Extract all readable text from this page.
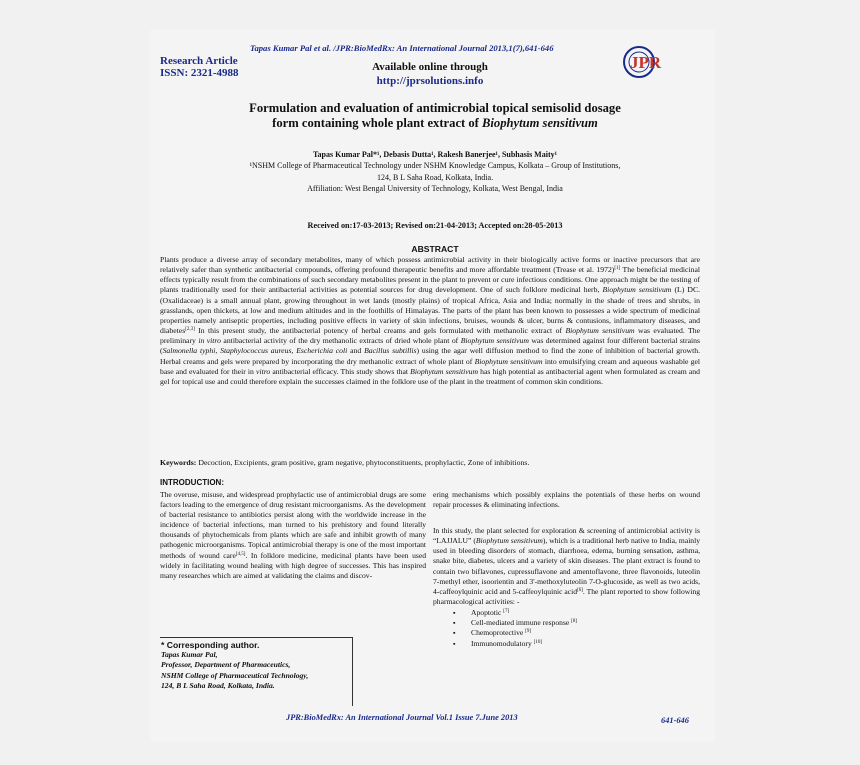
Tapas Kumar Pal et al. /JPR:BioMedRx: An International Journal 2013,1(7),641-646
Research Article
ISSN: 2321-4988	Available online through
http://jprsolutions.info
JPR
Formulation and evaluation of antimicrobial topical semisolid dosage
form containing whole plant extract of Biophytum sensitivum
Tapas Kumar Pal*¹, Debasis Dutta¹, Rakesh Banerjee¹, Subhasis Maity¹
¹NSHM College of Pharmaceutical Technology under NSHM Knowledge Campus, Kolkata – Group of Institutions,
124, B L Saha Road, Kolkata, India.
Affiliation: West Bengal University of Technology, Kolkata, West Bengal, India
Received on:17-03-2013; Revised on:21-04-2013; Accepted on:28-05-2013
ABSTRACT
Plants produce a diverse array of secondary metabolites, many of which possess antimicrobial activity in their biologically active forms or inactive precursors that are relatively safer than synthetic antibacterial compounds, offering profound therapeutic benefits and more affordable treatment (Trease et al. 1972)[1] The beneficial medicinal effects typically result from the combinations of such secondary metabolites present in the plant to prevent or cure infectious conditions. One approach might be the testing of plants traditionally used for their antibacterial activities as potential sources for drug development. One of such folklore medicinal herb, Biophytum sensitivum (L) DC. (Oxalidaceae) is a small annual plant, growing throughout in wet lands (mostly plains) of tropical Africa, Asia and India; normally in the shade of trees and shrubs, in grasslands, open thickets, at low and medium altitudes and in the foothills of Himalayas. The parts of the plant has been known to possesses a wide spectrum of medicinal properties namely antiseptic properties, including positive effects in variety of skin infections, bruises, wounds & ulcer, burns & contusions, inflammatory diseases, and diabetes[2,3] In this present study, the antibacterial potency of herbal creams and gels formulated with methanolic extract of Biophytum sensitivum was evaluated. The preliminary in vitro antibacterial activity of the dry methanolic extracts of dried whole plant of Biophytum sensitivum was determined against four different bacterial strains (Salmonella typhi, Staphylococcus aureus, Escherichia coli and Bacillus subtillis) using the agar well diffusion method to find the zone of inhibition of bacterial growth. Herbal creams and gels were prepared by incorporating the dry methanolic extract of whole plant of Biophytum sensitivum into emulsifying cream and aqueous washable gel base and evaluated for their in vitro antibacterial efficacy. This study shows that Biophytum sensitivum has high potential as antibacterial agent when formulated as cream and gel for topical use and could therefore explain the successes claimed in the folklore use of the plant in the treatment of common skin conditions.
Keywords: Decoction, Excipients, gram positive, gram negative, phytoconstituents, prophylactic, Zone of inhibitions.
INTRODUCTION:

The overuse, misuse, and widespread prophylactic use of antimicrobial drugs are some factors leading to the emergence of drug resistant microorganisms. As the development of bacterial resistance to antibiotics persist along with the worldwide increase in the incidence of bacterial infections, man turned to his prehistory and found literally thousands of phytochemicals from plants which are safe and inhibit growth of many pathogenic microorganisms. Topical antimicrobial therapy is one of the most important methods of wound care[4,5]. In folklore medicine, medicinal plants have been used widely in facilitating wound healing with high degree of successes. This has inspired many researches which are aimed at validating the claims and discov-

ering mechanisms which possibly explains the potentials of these herbs on wound repair processes & eliminating infections.

In this study, the plant selected for exploration & screening of antimicrobial activity is “LAJJALU” (Biophytum sensitivum), which is a traditional herb native to India, mainly used in bleeding disorders of stomach, diarrhoea, edema, burning sensation, asthma, snake bite, diabetes, ulcers and a variety of skin diseases. The plant extract is found to contain two biflavones, cupressuflavone and amentoflavone, three flavonoids, luteolin 7-methyl ether, isoorientin and 3'-methoxyluteolin 7-O-glucoside, as well as two acids, 4-caffeoylquinic acid and 5-caffeoylquinic acid[6]. The plant reported to show following pharmacological activities: -

▪ Apoptotic [7]
▪ Cell-mediated immune response [8]
▪ Chemoprotective [9]
▪ Immunomodulatory [10]
* Corresponding author.
Tapas Kumar Pal,
Professor, Department of Pharmaceutics,
NSHM College of Pharmaceutical Technology,
124, B L Saha Road, Kolkata, India.
JPR:BioMedRx: An International Journal Vol.1 Issue 7.June 2013	641-646
